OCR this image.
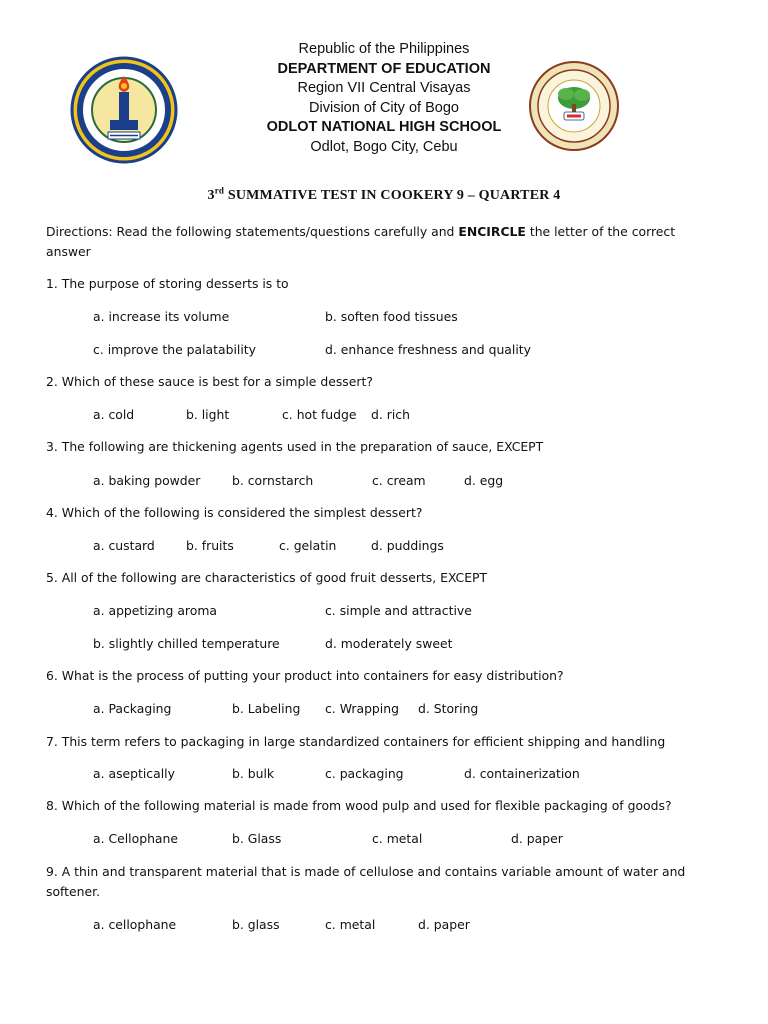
Republic of the Philippines
DEPARTMENT OF EDUCATION
Region VII Central Visayas
Division of City of Bogo
ODLOT NATIONAL HIGH SCHOOL
Odlot, Bogo City, Cebu
3rd SUMMATIVE TEST IN COOKERY 9 – QUARTER 4
Directions: Read the following statements/questions carefully and ENCIRCLE the letter of the correct
answer
1. The purpose of storing desserts is to
a. increase its volume	b. soften food tissues
c. improve the palatability	d. enhance freshness and quality
2. Which of these sauce is best for a simple dessert?
a. cold	b. light	c. hot fudge d. rich
3. The following are thickening agents used in the preparation of sauce, EXCEPT
a. baking powder	b. cornstarch	c. cream	d. egg
4. Which of the following is considered the simplest dessert?
a. custard	b. fruits	c. gelatin	d. puddings
5. All of the following are characteristics of good fruit desserts, EXCEPT
a. appetizing aroma	c. simple and attractive
b. slightly chilled temperature	d. moderately sweet
6. What is the process of putting your product into containers for easy distribution?
a. Packaging	b. Labeling c. Wrapping d. Storing
7. This term refers to packaging in large standardized containers for efficient shipping and handling
a. aseptically	b. bulk	c. packaging	d. containerization
8. Which of the following material is made from wood pulp and used for flexible packaging of goods?
a. Cellophane	b. Glass	c. metal	d. paper
9. A thin and transparent material that is made of cellulose and contains variable amount of water and
softener.
a. cellophane	b. glass	c. metal	d. paper
